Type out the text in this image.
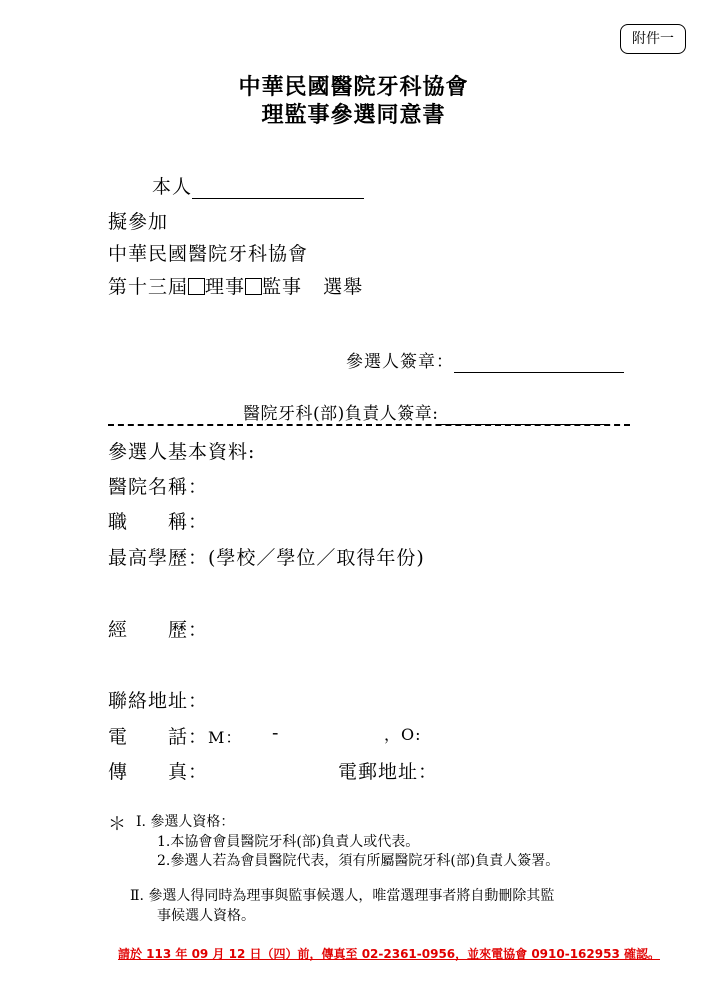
附件一
中華民國醫院牙科協會
理監事參選同意書
本人
擬參加
中華民國醫院牙科協會
第十三屆 理事 監事 選舉
參選人簽章：
醫院牙科(部)負責人簽章:
參選人基本資料:
醫院名稱：
職　　稱：
最高學歷：(學校／學位／取得年份)
經　　歷：
聯絡地址：
電　　話：M： -	，O:
傳　　真：	電郵地址：
＊ Ⅰ. 參選人資格：
1.本協會會員醫院牙科(部)負責人或代表。
2.參選人若為會員醫院代表，須有所屬醫院牙科(部)負責人簽署。
Ⅱ. 參選人得同時為理事與監事候選人，唯當選理事者將自動刪除其監
事候選人資格。
請於 113 年 09 月 12 日（四）前，傳真至 02-2361-0956，並來電協會 0910-162953 確認。
